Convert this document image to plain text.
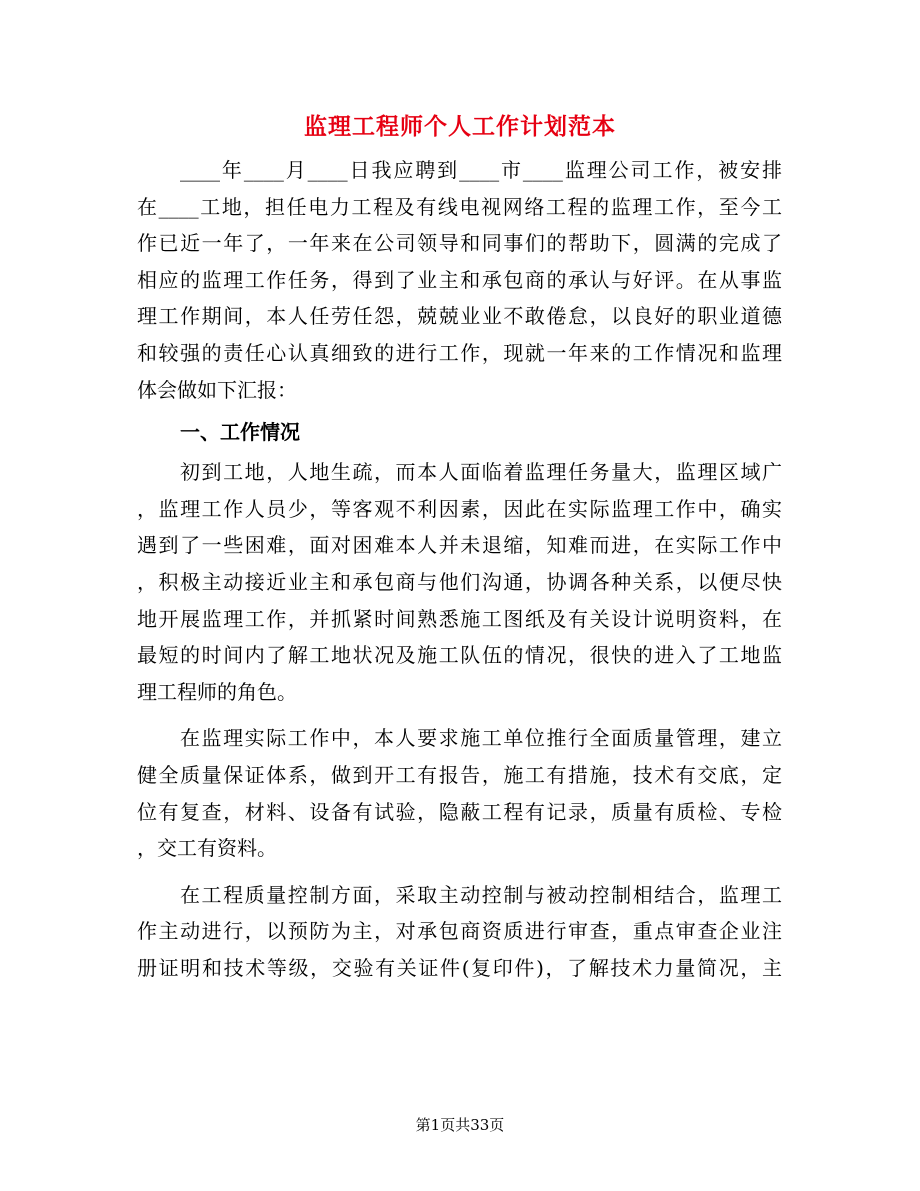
监理工程师个人工作计划范本
____年____月____日我应聘到____市____监理公司工作，被安排
在____工地，担任电力工程及有线电视网络工程的监理工作，至今工
作已近一年了，一年来在公司领导和同事们的帮助下，圆满的完成了
相应的监理工作任务，得到了业主和承包商的承认与好评。在从事监
理工作期间，本人任劳任怨，兢兢业业不敢倦怠，以良好的职业道德
和较强的责任心认真细致的进行工作，现就一年来的工作情况和监理
体会做如下汇报：
一、工作情况
初到工地，人地生疏，而本人面临着监理任务量大，监理区域广
，监理工作人员少，等客观不利因素，因此在实际监理工作中，确实
遇到了一些困难，面对困难本人并未退缩，知难而进，在实际工作中
，积极主动接近业主和承包商与他们沟通，协调各种关系，以便尽快
地开展监理工作，并抓紧时间熟悉施工图纸及有关设计说明资料，在
最短的时间内了解工地状况及施工队伍的情况，很快的进入了工地监
理工程师的角色。
在监理实际工作中，本人要求施工单位推行全面质量管理，建立
健全质量保证体系，做到开工有报告，施工有措施，技术有交底，定
位有复查，材料、设备有试验，隐蔽工程有记录，质量有质检、专检
，交工有资料。
在工程质量控制方面，采取主动控制与被动控制相结合，监理工
作主动进行，以预防为主，对承包商资质进行审查，重点审查企业注
册证明和技术等级，交验有关证件(复印件)，了解技术力量简况，主
第1页共33页
